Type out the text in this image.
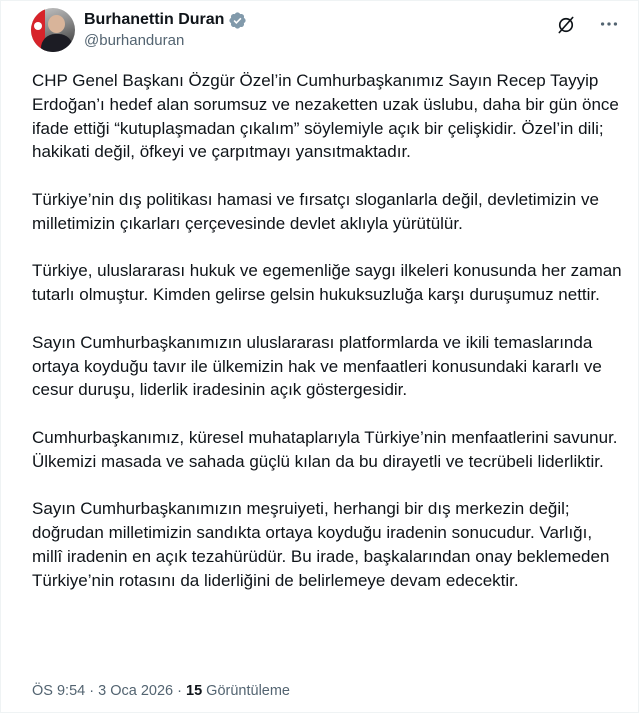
Burhanettin Duran
@burhanduran

CHP Genel Başkanı Özgür Özel’in Cumhurbaşkanımız Sayın Recep Tayyip Erdoğan’ı hedef alan sorumsuz ve nezaketten uzak üslubu, daha bir gün önce ifade ettiği “kutuplaşmadan çıkalım” söylemiyle açık bir çelişkidir. Özel’in dili; hakikati değil, öfkeyi ve çarpıtmayı yansıtmaktadır.

Türkiye’nin dış politikası hamasi ve fırsatçı sloganlarla değil, devletimizin ve milletimizin çıkarları çerçevesinde devlet aklıyla yürütülür.

Türkiye, uluslararası hukuk ve egemenliğe saygı ilkeleri konusunda her zaman tutarlı olmuştur. Kimden gelirse gelsin hukuksuzluğa karşı duruşumuz nettir.

Sayın Cumhurbaşkanımızın uluslararası platformlarda ve ikili temaslarında ortaya koyduğu tavır ile ülkemizin hak ve menfaatleri konusundaki kararlı ve cesur duruşu, liderlik iradesinin açık göstergesidir.

Cumhurbaşkanımız, küresel muhataplarıyla Türkiye’nin menfaatlerini savunur. Ülkemizi masada ve sahada güçlü kılan da bu dirayetli ve tecrübeli liderliktir.

Sayın Cumhurbaşkanımızın meşruiyeti, herhangi bir dış merkezin değil; doğrudan milletimizin sandıkta ortaya koyduğu iradenin sonucudur. Varlığı, millî iradenin en açık tezahürüdür. Bu irade, başkalarından onay beklemeden Türkiye’nin rotasını da liderliğini de belirlemeye devam edecektir.

ÖS 9:54 · 3 Oca 2026 · 15 Görüntüleme
